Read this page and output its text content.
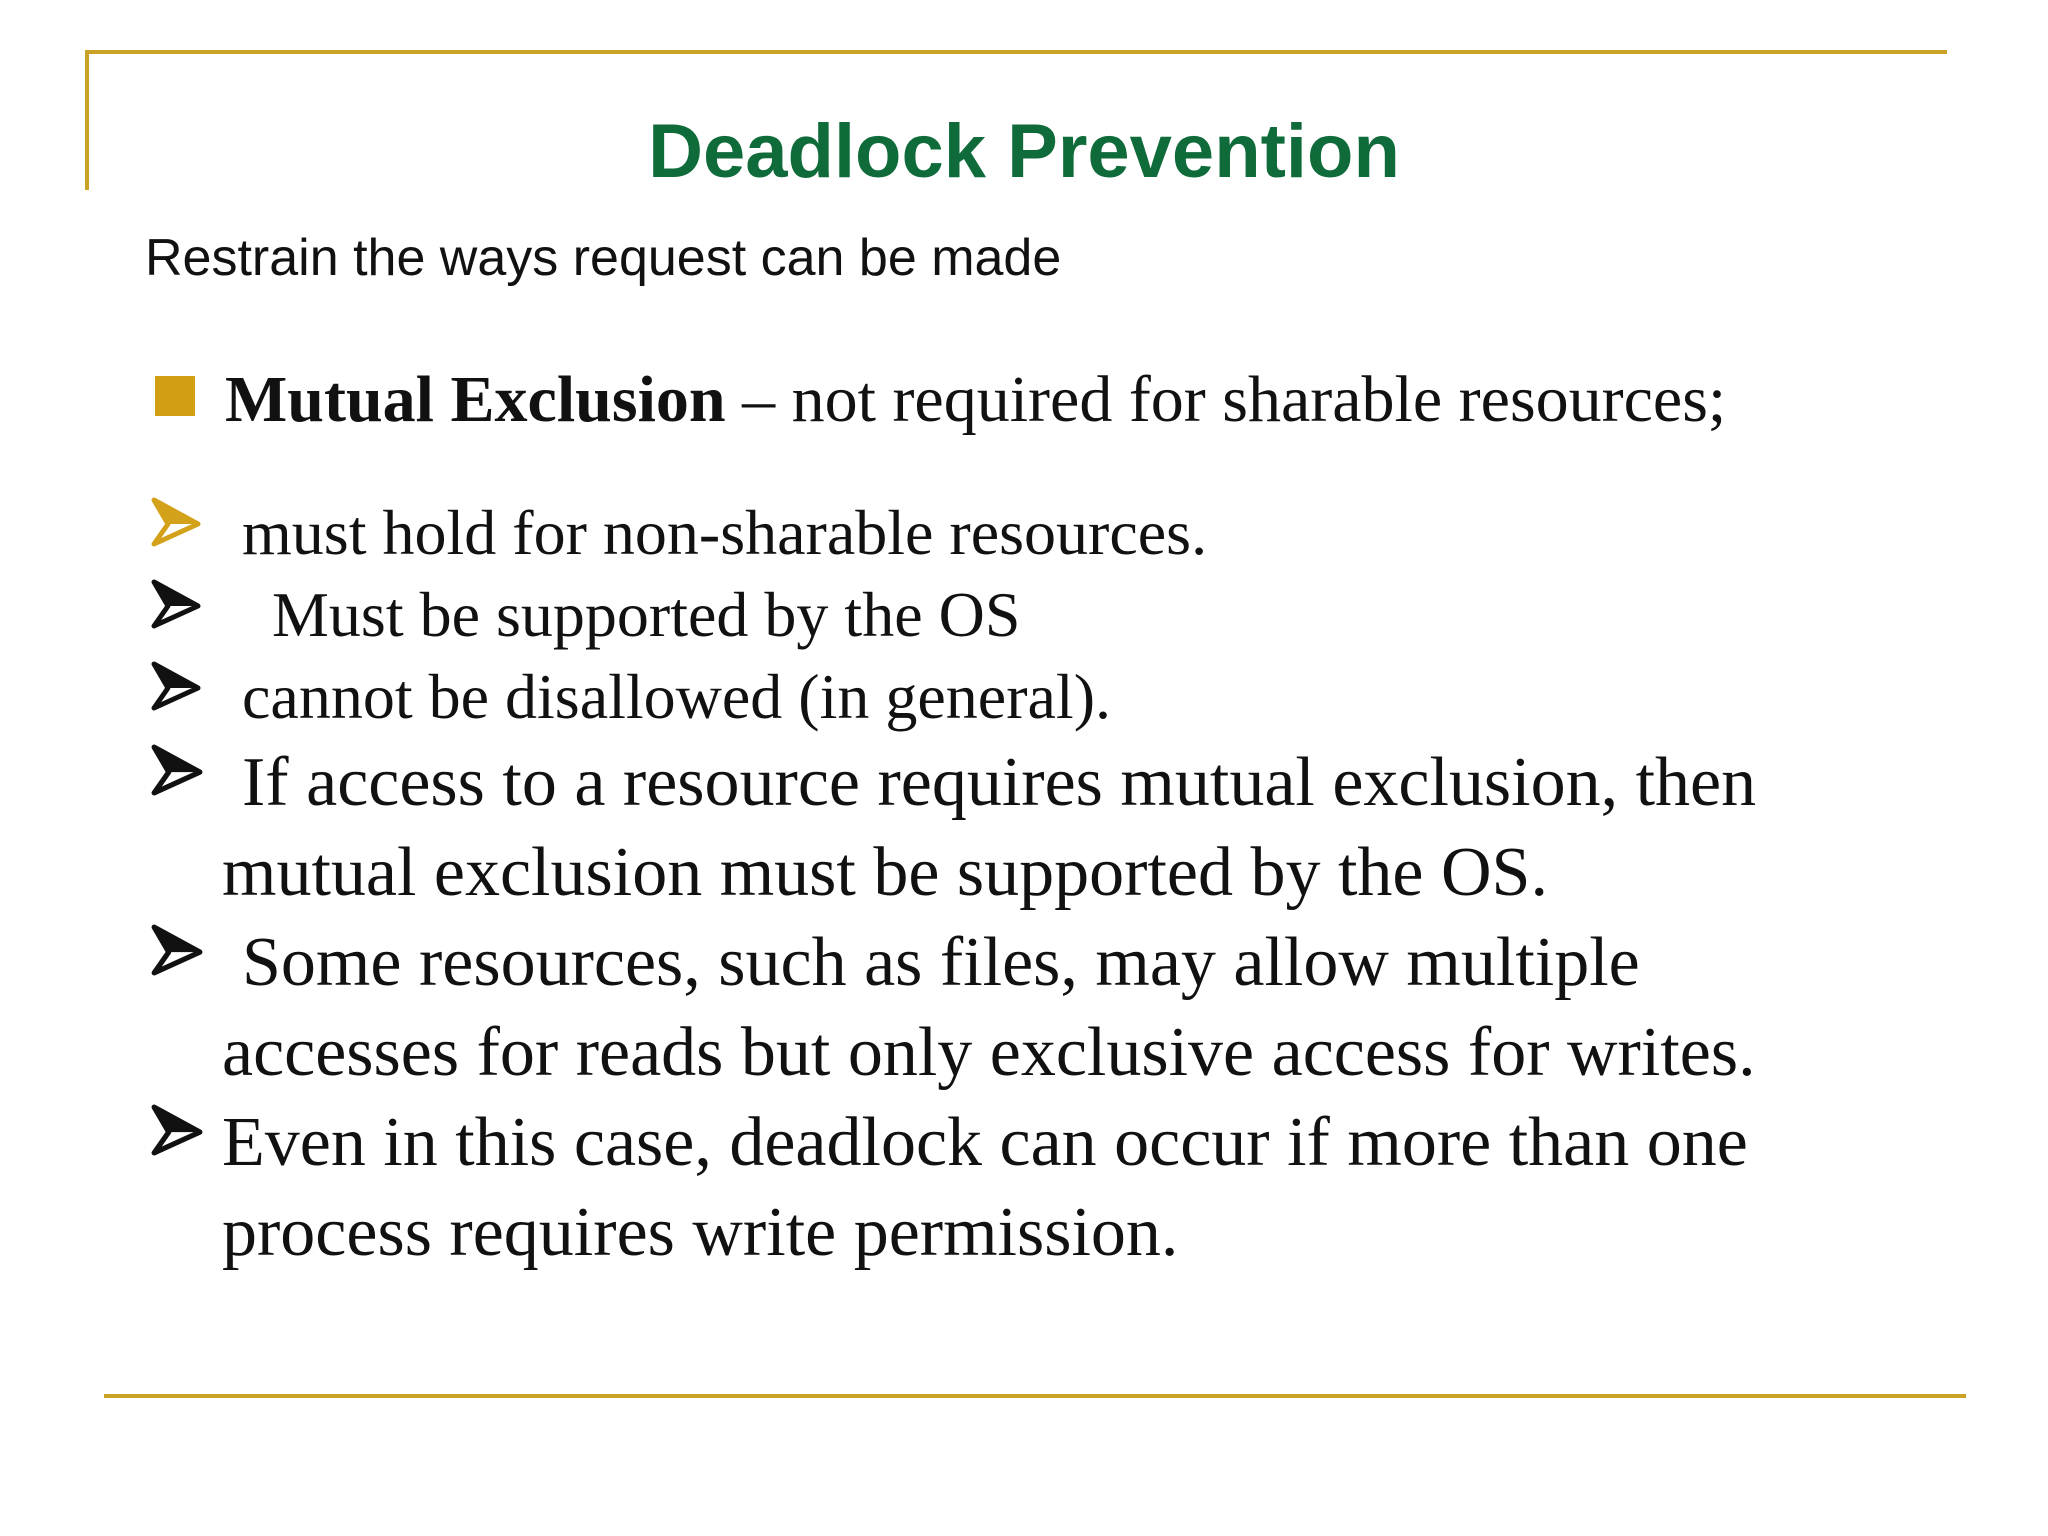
Deadlock Prevention

Restrain the ways request can be made

Mutual Exclusion – not required for sharable resources;
must hold for non-sharable resources.
Must be supported by the OS
cannot be disallowed (in general).
If access to a resource requires mutual exclusion, then
mutual exclusion must be supported by the OS.
Some resources, such as files, may allow multiple
accesses for reads but only exclusive access for writes.
Even in this case, deadlock can occur if more than one
process requires write permission.
